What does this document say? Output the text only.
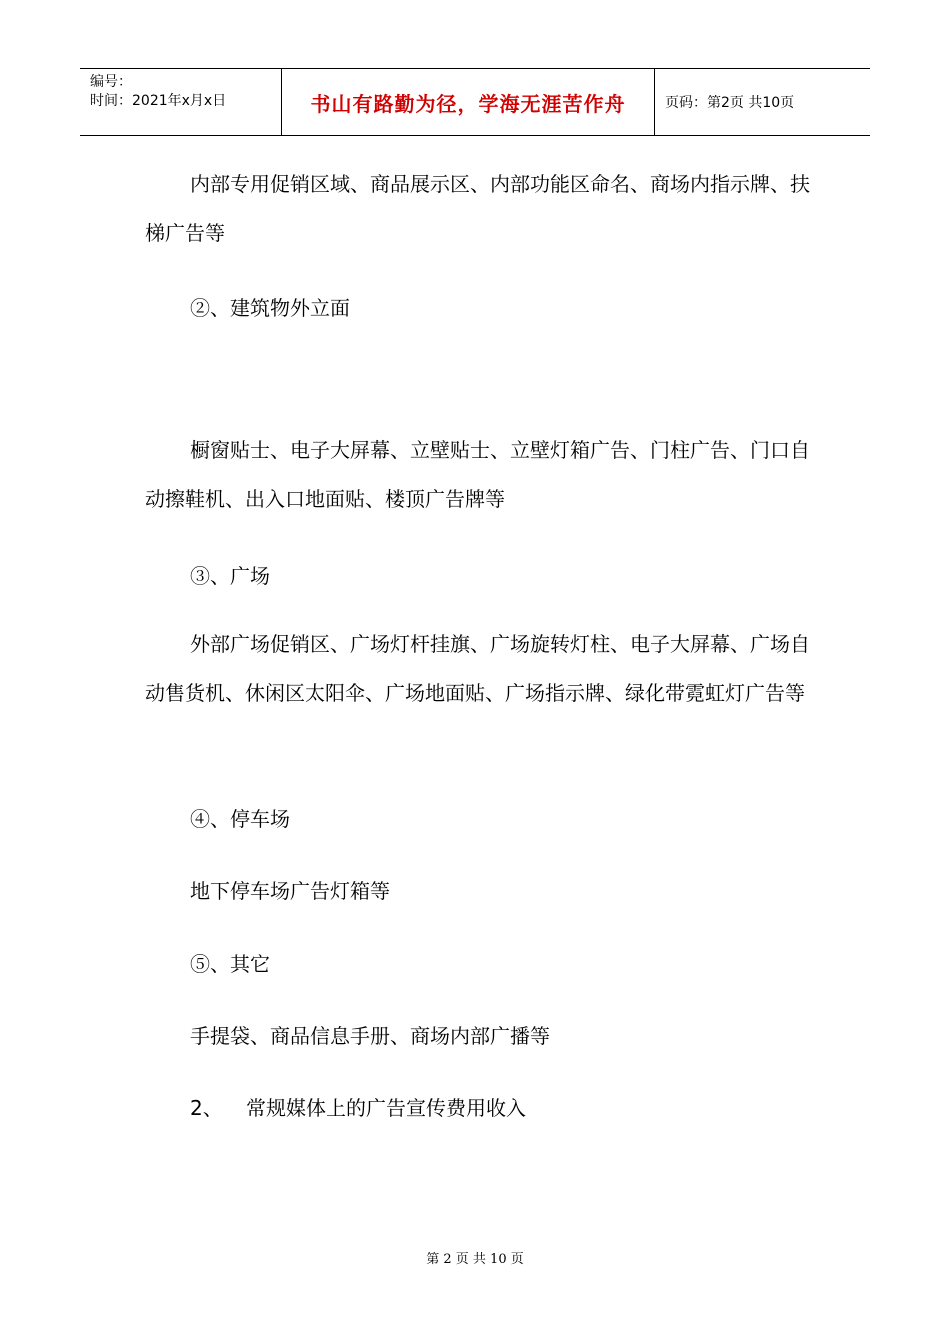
编号：
时间：2021年x月x日	书山有路勤为径，学海无涯苦作舟	页码：第2页 共10页

内部专用促销区域、商品展示区、内部功能区命名、商场内指示牌、扶梯广告等

②、建筑物外立面

橱窗贴士、电子大屏幕、立壁贴士、立壁灯箱广告、门柱广告、门口自动擦鞋机、出入口地面贴、楼顶广告牌等

③、广场

外部广场促销区、广场灯杆挂旗、广场旋转灯柱、电子大屏幕、广场自动售货机、休闲区太阳伞、广场地面贴、广场指示牌、绿化带霓虹灯广告等

④、停车场

地下停车场广告灯箱等

⑤、其它

手提袋、商品信息手册、商场内部广播等

2、 常规媒体上的广告宣传费用收入

第 2 页 共 10 页
